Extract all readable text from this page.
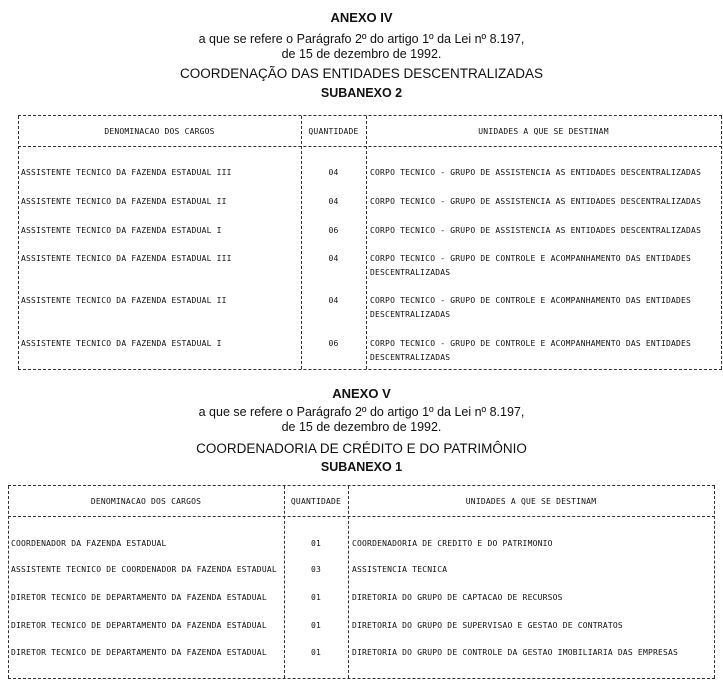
ANEXO IV
a que se refere o Parágrafo 2º do artigo 1º da Lei nº 8.197,
de 15 de dezembro de 1992.
COORDENAÇÃO DAS ENTIDADES DESCENTRALIZADAS
SUBANEXO 2
DENOMINACAO DOS CARGOS	QUANTIDADE	UNIDADES A QUE SE DESTINAM
ASSISTENTE TECNICO DA FAZENDA ESTADUAL III	04	CORPO TECNICO - GRUPO DE ASSISTENCIA AS ENTIDADES DESCENTRALIZADAS
ASSISTENTE TECNICO DA FAZENDA ESTADUAL II	04	CORPO TECNICO - GRUPO DE ASSISTENCIA AS ENTIDADES DESCENTRALIZADAS
ASSISTENTE TECNICO DA FAZENDA ESTADUAL I	06	CORPO TECNICO - GRUPO DE ASSISTENCIA AS ENTIDADES DESCENTRALIZADAS
ASSISTENTE TECNICO DA FAZENDA ESTADUAL III	04	CORPO TECNICO - GRUPO DE CONTROLE E ACOMPANHAMENTO DAS ENTIDADES
DESCENTRALIZADAS
ASSISTENTE TECNICO DA FAZENDA ESTADUAL II	04	CORPO TECNICO - GRUPO DE CONTROLE E ACOMPANHAMENTO DAS ENTIDADES
DESCENTRALIZADAS
ASSISTENTE TECNICO DA FAZENDA ESTADUAL I	06	CORPO TECNICO - GRUPO DE CONTROLE E ACOMPANHAMENTO DAS ENTIDADES
DESCENTRALIZADAS
ANEXO V
a que se refere o Parágrafo 2º do artigo 1º da Lei nº 8.197,
de 15 de dezembro de 1992.
COORDENADORIA DE CRÉDITO E DO PATRIMÔNIO
SUBANEXO 1
DENOMINACAO DOS CARGOS	QUANTIDADE	UNIDADES A QUE SE DESTINAM
COORDENADOR DA FAZENDA ESTADUAL	01	COORDENADORIA DE CREDITO E DO PATRIMONIO
ASSISTENTE TECNICO DE COORDENADOR DA FAZENDA ESTADUAL	03	ASSISTENCIA TECNICA
DIRETOR TECNICO DE DEPARTAMENTO DA FAZENDA ESTADUAL	01	DIRETORIA DO GRUPO DE CAPTACAO DE RECURSOS
DIRETOR TECNICO DE DEPARTAMENTO DA FAZENDA ESTADUAL	01	DIRETORIA DO GRUPO DE SUPERVISAO E GESTAO DE CONTRATOS
DIRETOR TECNICO DE DEPARTAMENTO DA FAZENDA ESTADUAL	01	DIRETORIA DO GRUPO DE CONTROLE DA GESTAO IMOBILIARIA DAS EMPRESAS
